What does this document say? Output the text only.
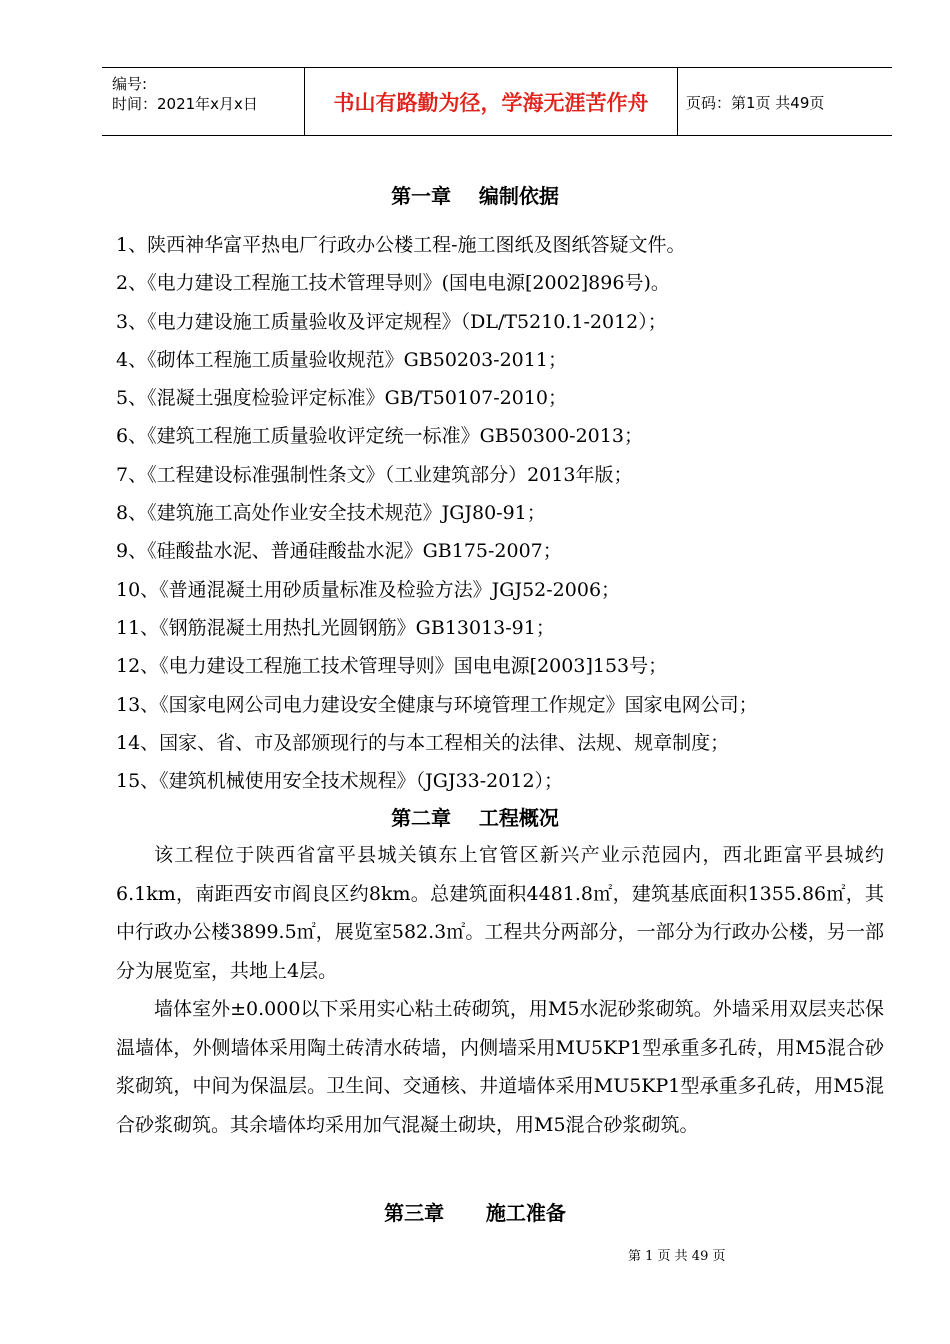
编号:
时间：2021年x月x日	书山有路勤为径，学海无涯苦作舟	页码：第1页 共49页
第一章    编制依据
1、陕西神华富平热电厂行政办公楼工程-施工图纸及图纸答疑文件。
2、《电力建设工程施工技术管理导则》(国电电源[2002]896号)。
3、《电力建设施工质量验收及评定规程》（DL/T5210.1-2012）；
4、《砌体工程施工质量验收规范》GB50203-2011；
5、《混凝土强度检验评定标准》GB/T50107-2010；
6、《建筑工程施工质量验收评定统一标准》GB50300-2013；
7、《工程建设标准强制性条文》（工业建筑部分）2013年版；
8、《建筑施工高处作业安全技术规范》JGJ80-91；
9、《硅酸盐水泥、普通硅酸盐水泥》GB175-2007；
10、《普通混凝土用砂质量标准及检验方法》JGJ52-2006；
11、《钢筋混凝土用热扎光圆钢筋》GB13013-91；
12、《电力建设工程施工技术管理导则》国电电源[2003]153号；
13、《国家电网公司电力建设安全健康与环境管理工作规定》国家电网公司；
14、国家、省、市及部颁现行的与本工程相关的法律、法规、规章制度；
15、《建筑机械使用安全技术规程》（JGJ33-2012）；
第二章    工程概况

该工程位于陕西省富平县城关镇东上官管区新兴产业示范园内，西北距富平县城约6.1km，南距西安市阎良区约8km。总建筑面积4481.8㎡，建筑基底面积1355.86㎡，其中行政办公楼3899.5㎡，展览室582.3㎡。工程共分两部分，一部分为行政办公楼，另一部分为展览室，共地上4层。

墙体室外±0.000以下采用实心粘土砖砌筑，用M5水泥砂浆砌筑。外墙采用双层夹芯保温墙体，外侧墙体采用陶土砖清水砖墙，内侧墙采用MU5KP1型承重多孔砖，用M5混合砂浆砌筑，中间为保温层。卫生间、交通核、井道墙体采用MU5KP1型承重多孔砖，用M5混合砂浆砌筑。其余墙体均采用加气混凝土砌块，用M5混合砂浆砌筑。

第三章      施工准备
第 1 页 共 49 页
